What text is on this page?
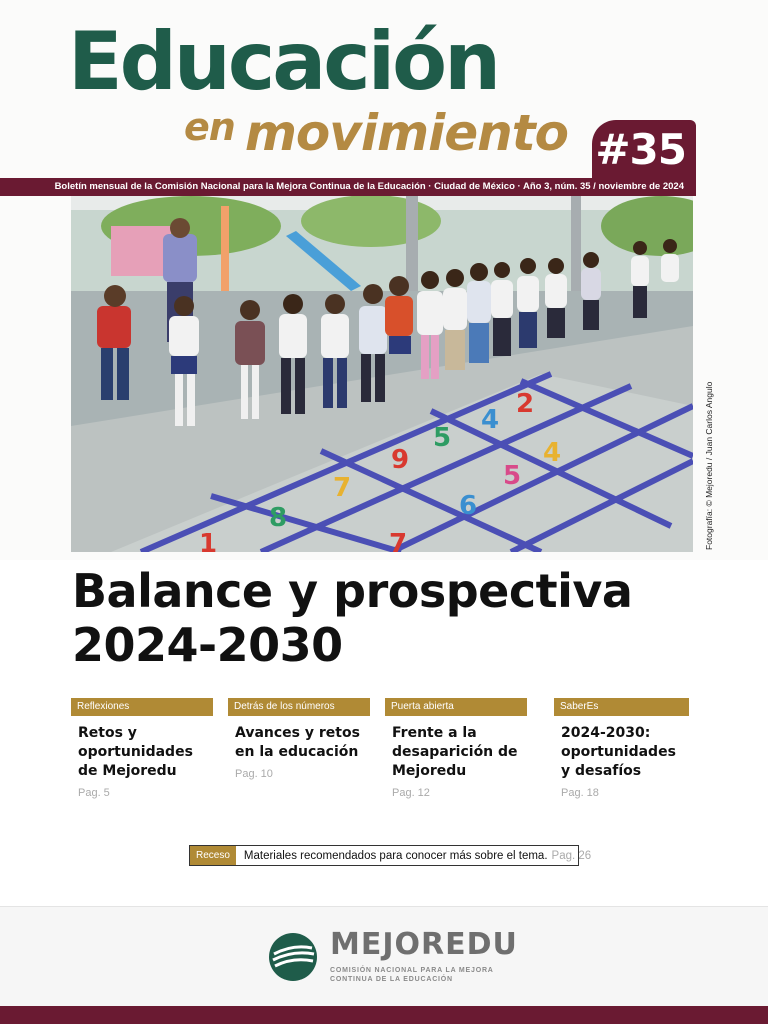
Educación
$^{en}$ movimiento #35
Boletín mensual de la Comisión Nacional para la Mejora Continua de la Educación · Ciudad de México · Año 3, núm. 35 / noviembre de 2024
9
5
4
2
8
7
6
5
4
1	7	Fotografía: © Mejoredu / Juan Carlos Angulo
Balance y prospectiva
2024-2030
Reflexiones
Retos y oportunidades de Mejoredu
Pag. 5
Detrás de los números
Avances y retos en la educación
Pag. 10
Puerta abierta
Frente a la desaparición de Mejoredu
Pag. 12
SaberEs
2024-2030: oportunidades y desafíos
Pag. 18
Receso	Materiales recomendados para conocer más sobre el tema. Pag. 26
MEJOREDU
COMISIÓN NACIONAL PARA LA MEJORA CONTINUA DE LA EDUCACIÓN
